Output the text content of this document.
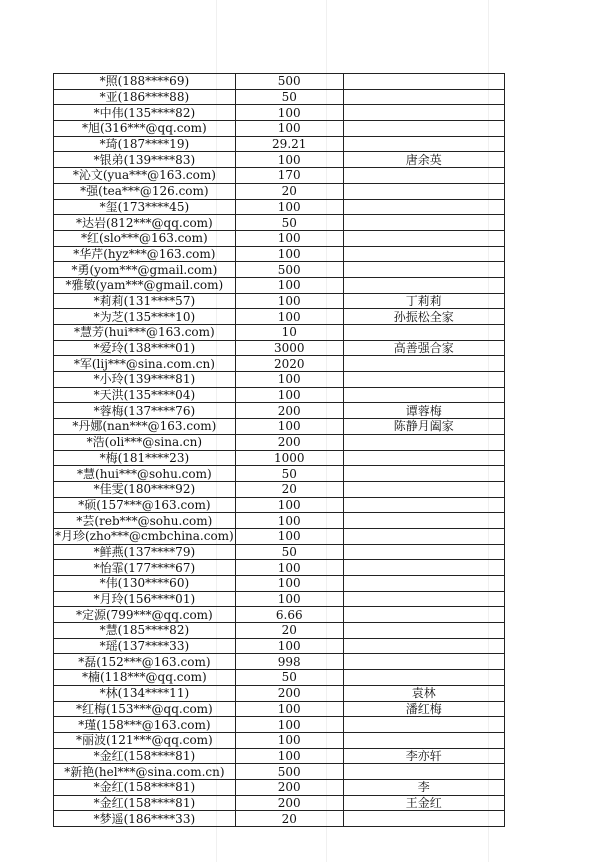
*照(188****69)	500	
*亚(186****88)	50	
*中伟(135****82)	100	
*旭(316***@qq.com)	100	
*琦(187****19)	29.21	
*银弟(139****83)	100	唐余英
*沁文(yua***@163.com)	170	
*强(tea***@126.com)	20	
*玺(173****45)	100	
*达岩(812***@qq.com)	50	
*红(slo***@163.com)	100	
*华芹(hyz***@163.com)	100	
*勇(yom***@gmail.com)	500	
*雅敏(yam***@gmail.com)	100	
*莉莉(131****57)	100	丁莉莉
*为芝(135****10)	100	孙振松全家
*慧芳(hui***@163.com)	10	
*爱玲(138****01)	3000	高善强合家
*军(lij***@sina.com.cn)	2020	
*小玲(139****81)	100	
*天洪(135****04)	100	
*蓉梅(137****76)	200	谭蓉梅
*丹娜(nan***@163.com)	100	陈静月阖家
*浩(oli***@sina.cn)	200	
*梅(181****23)	1000	
*慧(hui***@sohu.com)	50	
*佳雯(180****92)	20	
*硕(157***@163.com)	100	
*芸(reb***@sohu.com)	100	
*月珍(zho***@cmbchina.com)	100	
*鲜燕(137****79)	50	
*怡霏(177****67)	100	
*伟(130****60)	100	
*月玲(156****01)	100	
*定源(799***@qq.com)	6.66	
*慧(185****82)	20	
*瑶(137****33)	100	
*磊(152***@163.com)	998	
*楠(118***@qq.com)	50	
*林(134****11)	200	袁林
*红梅(153***@qq.com)	100	潘红梅
*瑾(158***@163.com)	100	
*丽波(121***@qq.com)	100	
*金红(158****81)	100	李亦轩
*新艳(hel***@sina.com.cn)	500	
*金红(158****81)	200	李
*金红(158****81)	200	王金红
*梦遥(186****33)	20	
